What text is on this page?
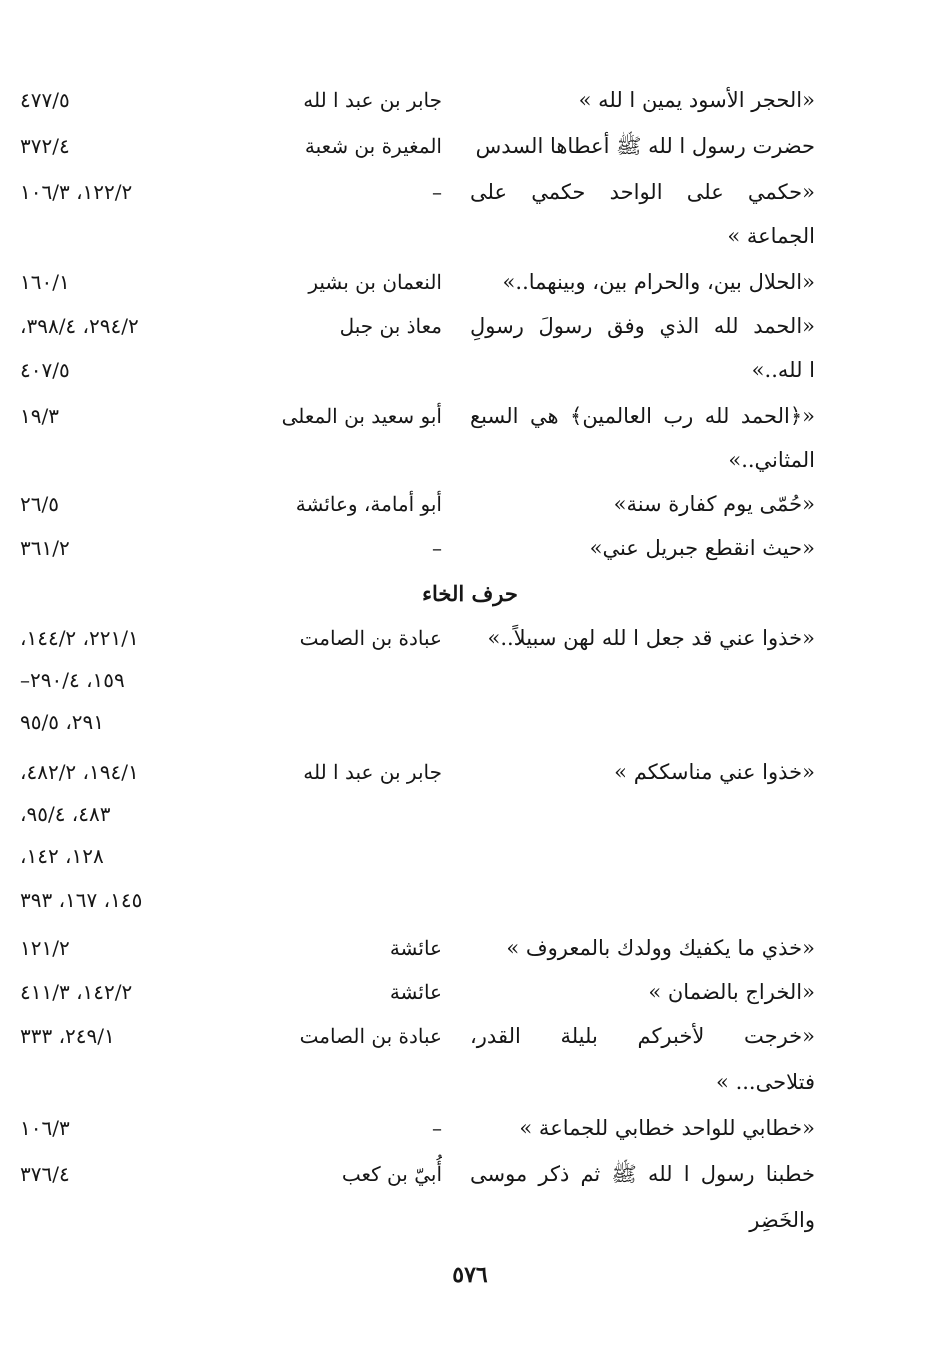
«الحجر الأسود يمين ا لله »
جابر بن عبد ا لله
٤٧٧/٥
حضرت رسول ا لله ﷺ أعطاها السدس
المغيرة بن شعبة
٣٧٢/٤
«حكمي على الواحد حكمي على
–
١٢٢/٢، ١٠٦/٣
الجماعة »
«الحلال بين، والحرام بين، وبينهما..»
النعمان بن بشير
١٦٠/١
«الحمد لله الذي وفق رسولَ رسولِ
معاذ بن جبل
٢٩٤/٢، ٣٩٨/٤،
ا لله..»
٤٠٧/٥
«﴿الحمد لله رب العالمين﴾ هي السبع
أبو سعيد بن المعلى
١٩/٣
المثاني..»
«حُمّى يوم كفارة سنة»
أبو أمامة، وعائشة
٢٦/٥
«حيث انقطع جبريل عني»
–
٣٦١/٢
حرف الخاء
«خذوا عني قد جعل ا لله لهن سبيلاً..»
عبادة بن الصامت
٢٢١/١، ١٤٤/٢،
١٥٩، ٢٩٠/٤–
٢٩١، ٩٥/٥
«خذوا عني مناسككم »
جابر بن عبد ا لله
١٩٤/١، ٤٨٢/٢،
٤٨٣، ٩٥/٤،
١٢٨، ١٤٢،
١٤٥، ١٦٧، ٣٩٣
«خذي ما يكفيك وولدك بالمعروف »
عائشة
١٢١/٢
«الخراج بالضمان »
عائشة
١٤٢/٢، ٤١١/٣
«خرجت لأخبركم بليلة القدر،
عبادة بن الصامت
٢٤٩/١، ٣٣٣
فتلاحى... »
«خطابي للواحد خطابي للجماعة »
–
١٠٦/٣
خطبنا رسول ا لله ﷺ ثم ذكر موسى
أُبيّ بن كعب
٣٧٦/٤
والخَضِر
٥٧٦
